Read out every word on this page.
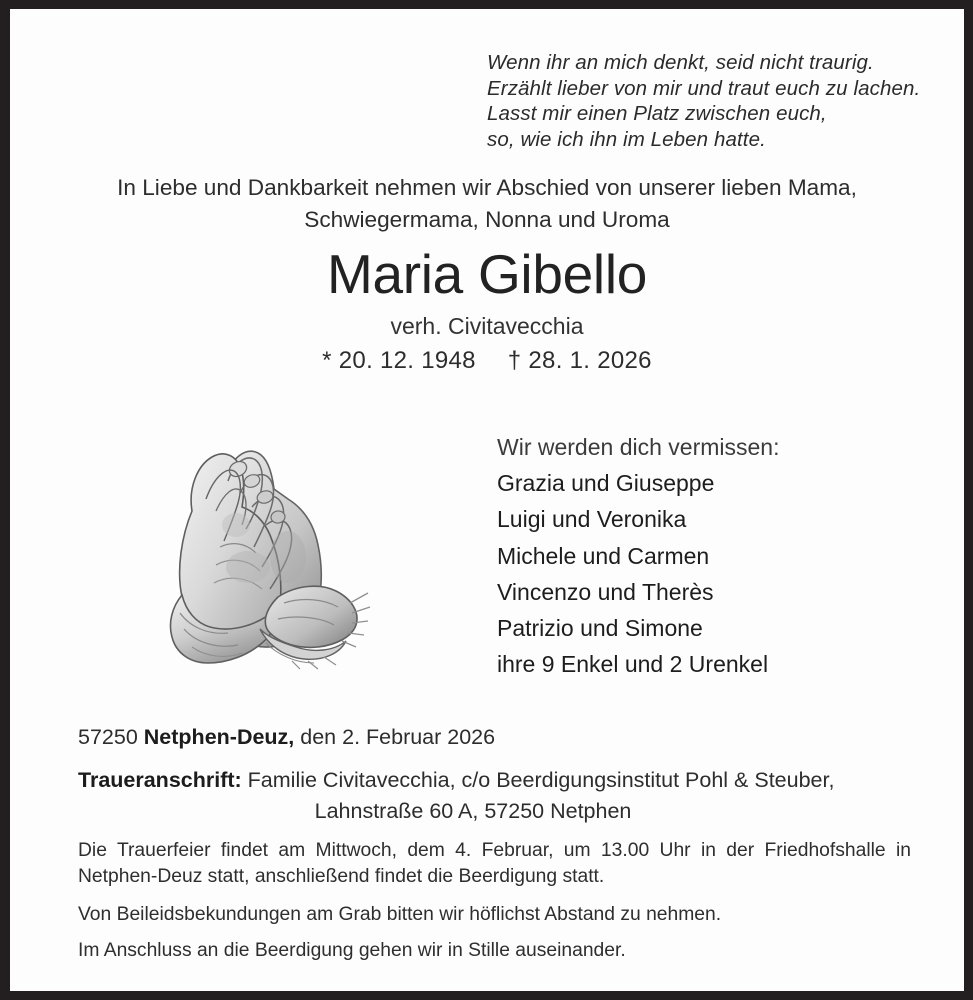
Wenn ihr an mich denkt, seid nicht traurig.
Erzählt lieber von mir und traut euch zu lachen.
Lasst mir einen Platz zwischen euch,
so, wie ich ihn im Leben hatte.
In Liebe und Dankbarkeit nehmen wir Abschied von unserer lieben Mama,
Schwiegermama, Nonna und Uroma
Maria Gibello
verh. Civitavecchia
* 20. 12. 1948 † 28. 1. 2026
Wir werden dich vermissen:
Grazia und Giuseppe
Luigi und Veronika
Michele und Carmen
Vincenzo und Therès
Patrizio und Simone
ihre 9 Enkel und 2 Urenkel
57250 Netphen-Deuz, den 2. Februar 2026
Traueranschrift: Familie Civitavecchia, c/o Beerdigungsinstitut Pohl & Steuber,
Lahnstraße 60 A, 57250 Netphen
Die Trauerfeier findet am Mittwoch, dem 4. Februar, um 13.00 Uhr in der Friedhofshalle in Netphen-Deuz statt, anschließend findet die Beerdigung statt.
Von Beileidsbekundungen am Grab bitten wir höflichst Abstand zu nehmen.
Im Anschluss an die Beerdigung gehen wir in Stille auseinander.
